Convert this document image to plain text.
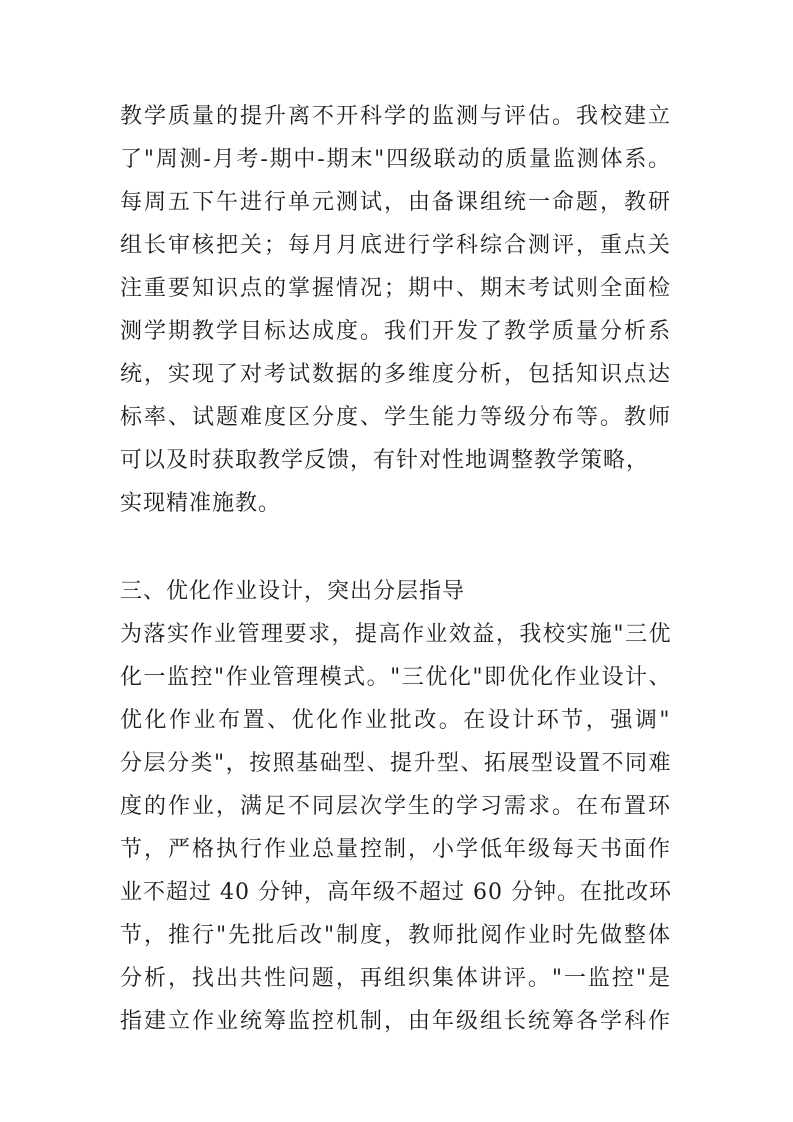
教学质量的提升离不开科学的监测与评估。我校建立
了"周测-月考-期中-期末"四级联动的质量监测体系。
每周五下午进行单元测试，由备课组统一命题，教研
组长审核把关；每月月底进行学科综合测评，重点关
注重要知识点的掌握情况；期中、期末考试则全面检
测学期教学目标达成度。我们开发了教学质量分析系
统，实现了对考试数据的多维度分析，包括知识点达
标率、试题难度区分度、学生能力等级分布等。教师
可以及时获取教学反馈，有针对性地调整教学策略，
实现精准施教。
三、优化作业设计，突出分层指导
为落实作业管理要求，提高作业效益，我校实施"三优
化一监控"作业管理模式。"三优化"即优化作业设计、
优化作业布置、优化作业批改。在设计环节，强调"
分层分类"，按照基础型、提升型、拓展型设置不同难
度的作业，满足不同层次学生的学习需求。在布置环
节，严格执行作业总量控制，小学低年级每天书面作
业不超过 40 分钟，高年级不超过 60 分钟。在批改环
节，推行"先批后改"制度，教师批阅作业时先做整体
分析，找出共性问题，再组织集体讲评。"一监控"是
指建立作业统筹监控机制，由年级组长统筹各学科作
